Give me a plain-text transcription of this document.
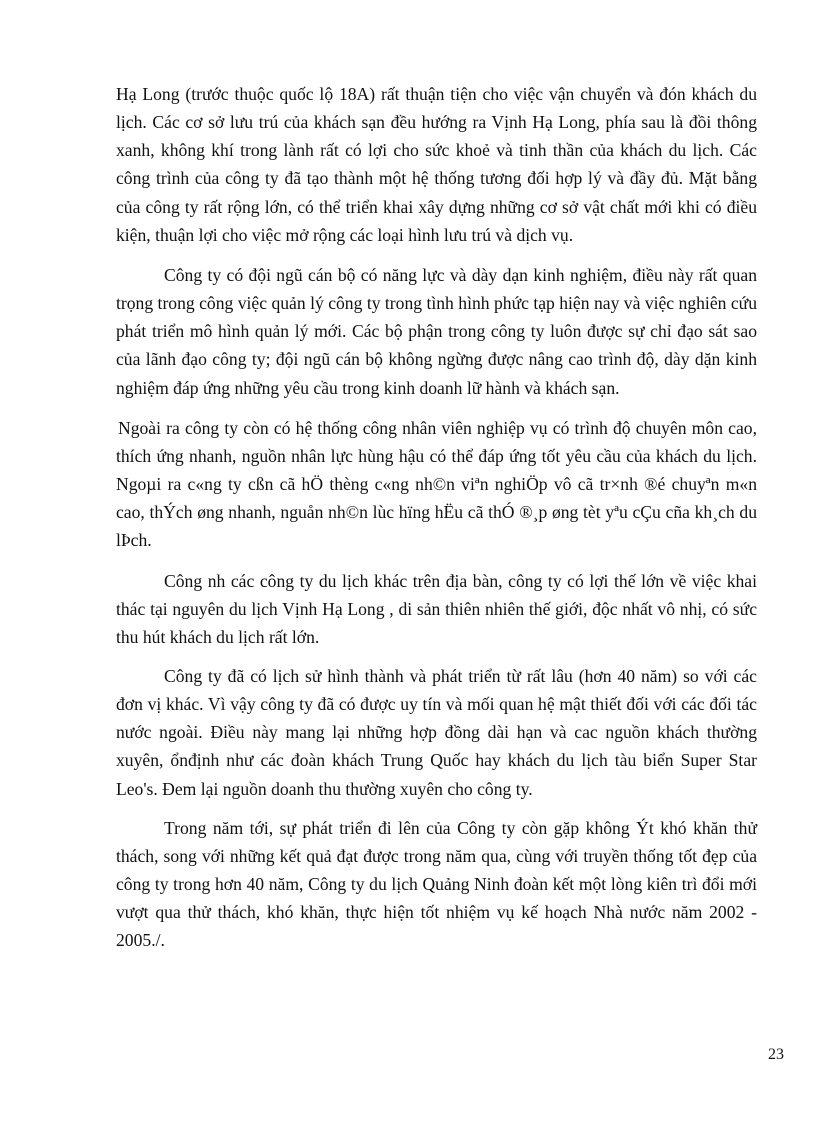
Hạ Long (trước thuộc quốc lộ 18A) rất thuận tiện cho việc vận chuyển và đón khách du lịch. Các cơ sở lưu trú của khách sạn đều hướng ra Vịnh Hạ Long, phía sau là đồi thông xanh, không khí trong lành rất có lợi cho sức khoẻ và tinh thần của khách du lịch. Các công trình của công ty đã tạo thành một hệ thống tương đối hợp lý và đầy đủ. Mặt bằng của công ty rất rộng lớn, có thể triển khai xây dựng những cơ sở vật chất mới khi có điều kiện, thuận lợi cho việc mở rộng các loại hình lưu trú và dịch vụ.

Công ty có đội ngũ cán bộ có năng lực và dày dạn kinh nghiệm, điều này rất quan trọng trong công việc quản lý công ty trong tình hình phức tạp hiện nay và việc nghiên cứu phát triển mô hình quản lý mới. Các bộ phận trong công ty luôn được sự chỉ đạo sát sao của lãnh đạo công ty; đội ngũ cán bộ không ngừng được nâng cao trình độ, dày dặn kinh nghiệm đáp ứng những yêu cầu trong kinh doanh lữ hành và khách sạn.

Ngoài ra công ty còn có hệ thống công nhân viên nghiệp vụ có trình độ chuyên môn cao, thích ứng nhanh, nguồn nhân lực hùng hậu có thể đáp ứng tốt yêu cầu của khách du lịch. Ngoµi ra c«ng ty cßn cã hÖ thèng c«ng nh©n viªn nghiÖp vô cã tr×nh ®é chuyªn m«n cao, thÝch øng nhanh, nguån nh©n lùc hïng hËu cã thÓ ®¸p øng tèt yªu cÇu cña kh¸ch du lÞch.

Công nh các công ty du lịch khác trên địa bàn, công ty có lợi thế lớn về việc khai thác tại nguyên du lịch Vịnh Hạ Long , di sản thiên nhiên thế giới, độc nhất vô nhị, có sức thu hút khách du lịch rất lớn.

Công ty đã có lịch sử hình thành và phát triển từ rất lâu (hơn 40 năm) so với các đơn vị khác. Vì vậy công ty đã có được uy tín và mối quan hệ mật thiết đối với các đối tác nước ngoài. Điều này mang lại những hợp đồng dài hạn và cac nguồn khách thường xuyên, ổnđịnh như các đoàn khách Trung Quốc hay khách du lịch tàu biển Super Star Leo's. Đem lại nguồn doanh thu thường xuyên cho công ty.

Trong năm tới, sự phát triển đi lên của Công ty còn gặp không Ýt khó khăn thử thách, song với những kết quả đạt được trong năm qua, cùng với truyền thống tốt đẹp của công ty trong hơn 40 năm, Công ty du lịch Quảng Ninh đoàn kết một lòng kiên trì đổi mới vượt qua thử thách, khó khăn, thực hiện tốt nhiệm vụ kế hoạch Nhà nước năm 2002 - 2005./.

23
